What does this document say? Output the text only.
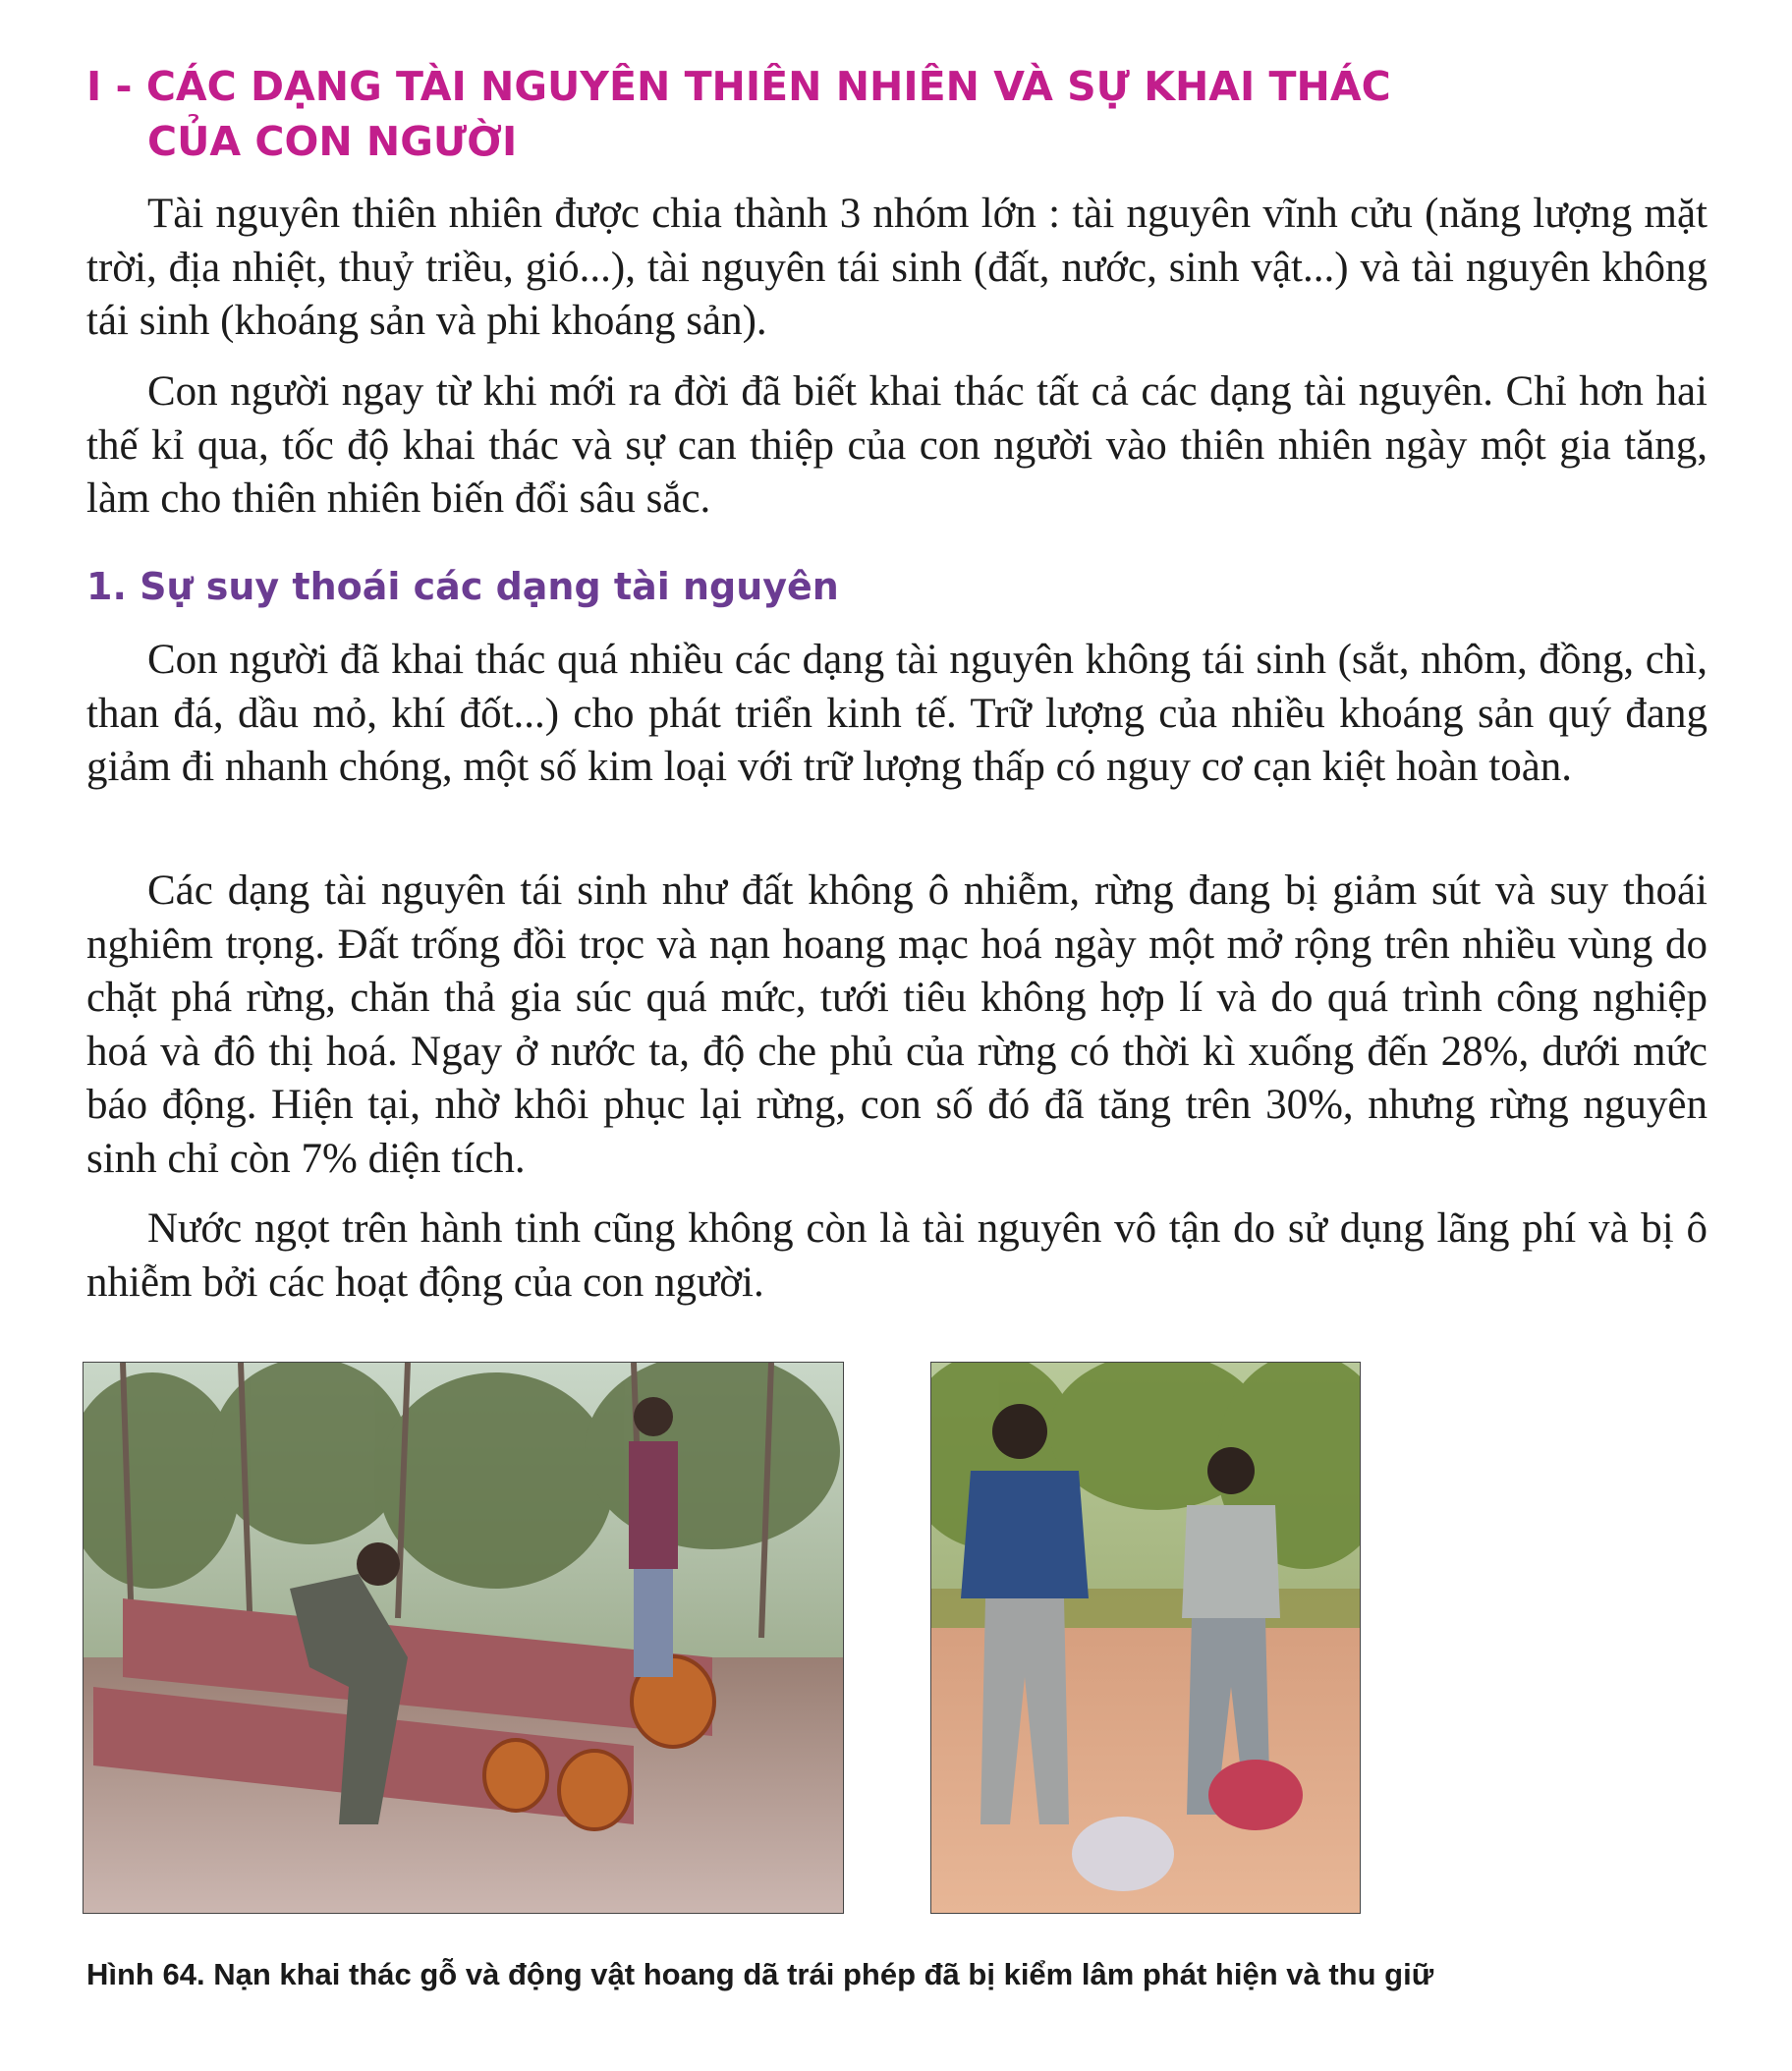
I - CÁC DẠNG TÀI NGUYÊN THIÊN NHIÊN VÀ SỰ KHAI THÁC
CỦA CON NGƯỜI

Tài nguyên thiên nhiên được chia thành 3 nhóm lớn : tài nguyên vĩnh cửu (năng lượng mặt trời, địa nhiệt, thuỷ triều, gió...), tài nguyên tái sinh (đất, nước, sinh vật...) và tài nguyên không tái sinh (khoáng sản và phi khoáng sản).

Con người ngay từ khi mới ra đời đã biết khai thác tất cả các dạng tài nguyên. Chỉ hơn hai thế kỉ qua, tốc độ khai thác và sự can thiệp của con người vào thiên nhiên ngày một gia tăng, làm cho thiên nhiên biến đổi sâu sắc.

1. Sự suy thoái các dạng tài nguyên

Con người đã khai thác quá nhiều các dạng tài nguyên không tái sinh (sắt, nhôm, đồng, chì, than đá, dầu mỏ, khí đốt...) cho phát triển kinh tế. Trữ lượng của nhiều khoáng sản quý đang giảm đi nhanh chóng, một số kim loại với trữ lượng thấp có nguy cơ cạn kiệt hoàn toàn.

Các dạng tài nguyên tái sinh như đất không ô nhiễm, rừng đang bị giảm sút và suy thoái nghiêm trọng. Đất trống đồi trọc và nạn hoang mạc hoá ngày một mở rộng trên nhiều vùng do chặt phá rừng, chăn thả gia súc quá mức, tưới tiêu không hợp lí và do quá trình công nghiệp hoá và đô thị hoá. Ngay ở nước ta, độ che phủ của rừng có thời kì xuống đến 28%, dưới mức báo động. Hiện tại, nhờ khôi phục lại rừng, con số đó đã tăng trên 30%, nhưng rừng nguyên sinh chỉ còn 7% diện tích.

Nước ngọt trên hành tinh cũng không còn là tài nguyên vô tận do sử dụng lãng phí và bị ô nhiễm bởi các hoạt động của con người.

Hình 64. Nạn khai thác gỗ và động vật hoang dã trái phép đã bị kiểm lâm phát hiện và thu giữ
